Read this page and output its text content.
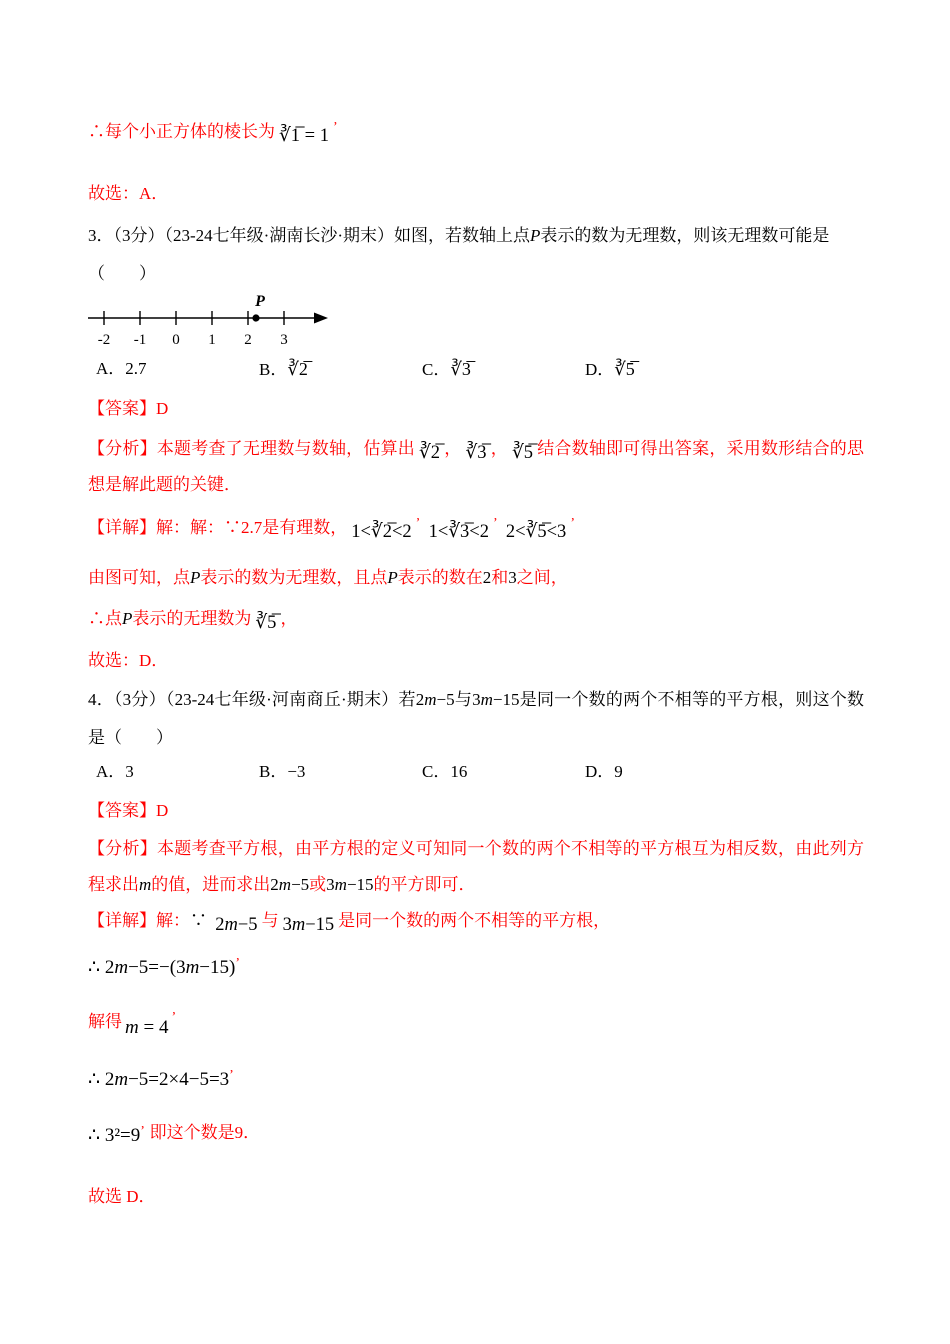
∴每个小正方体的棱长为 ∛1̅ = 1 ’

故选：A．

3．（3分）（23-24七年级·湖南长沙·期末）如图，若数轴上点P表示的数为无理数，则该无理数可能是

（　　）

P
-2 -1 0 1 2 3
A．2.7	B．∛2̅	C．∛3̅	D．∛5̅

【答案】D

【分析】本题考查了无理数与数轴，估算出 ∛2̅ ， ∛3̅ ， ∛5̅ 结合数轴即可得出答案，采用数形结合的思想是解此题的关键．

【详解】解：解：∵2.7是有理数， 1<∛2̅<2 ’ 1<∛3̅<2 ’ 2<∛5̅<3 ’

由图可知，点P表示的数为无理数，且点P表示的数在2和3之间，

∴点P表示的无理数为 ∛5̅ ，

故选：D．

4．（3分）（23-24七年级·河南商丘·期末）若2m−5与3m−15是同一个数的两个不相等的平方根，则这个数是（　　）

A．3	B．−3	C．16	D．9

【答案】D

【分析】本题考查平方根，由平方根的定义可知同一个数的两个不相等的平方根互为相反数，由此列方程求出m的值，进而求出2m−5或3m−15的平方即可．

【详解】解：∵ 2m−5 与 3m−15 是同一个数的两个不相等的平方根，

∴ 2m−5=−(3m−15)’

解得 m = 4 ’

∴ 2m−5=2×4−5=3’

∴ 3²=9’ 即这个数是9．

故选 D．
